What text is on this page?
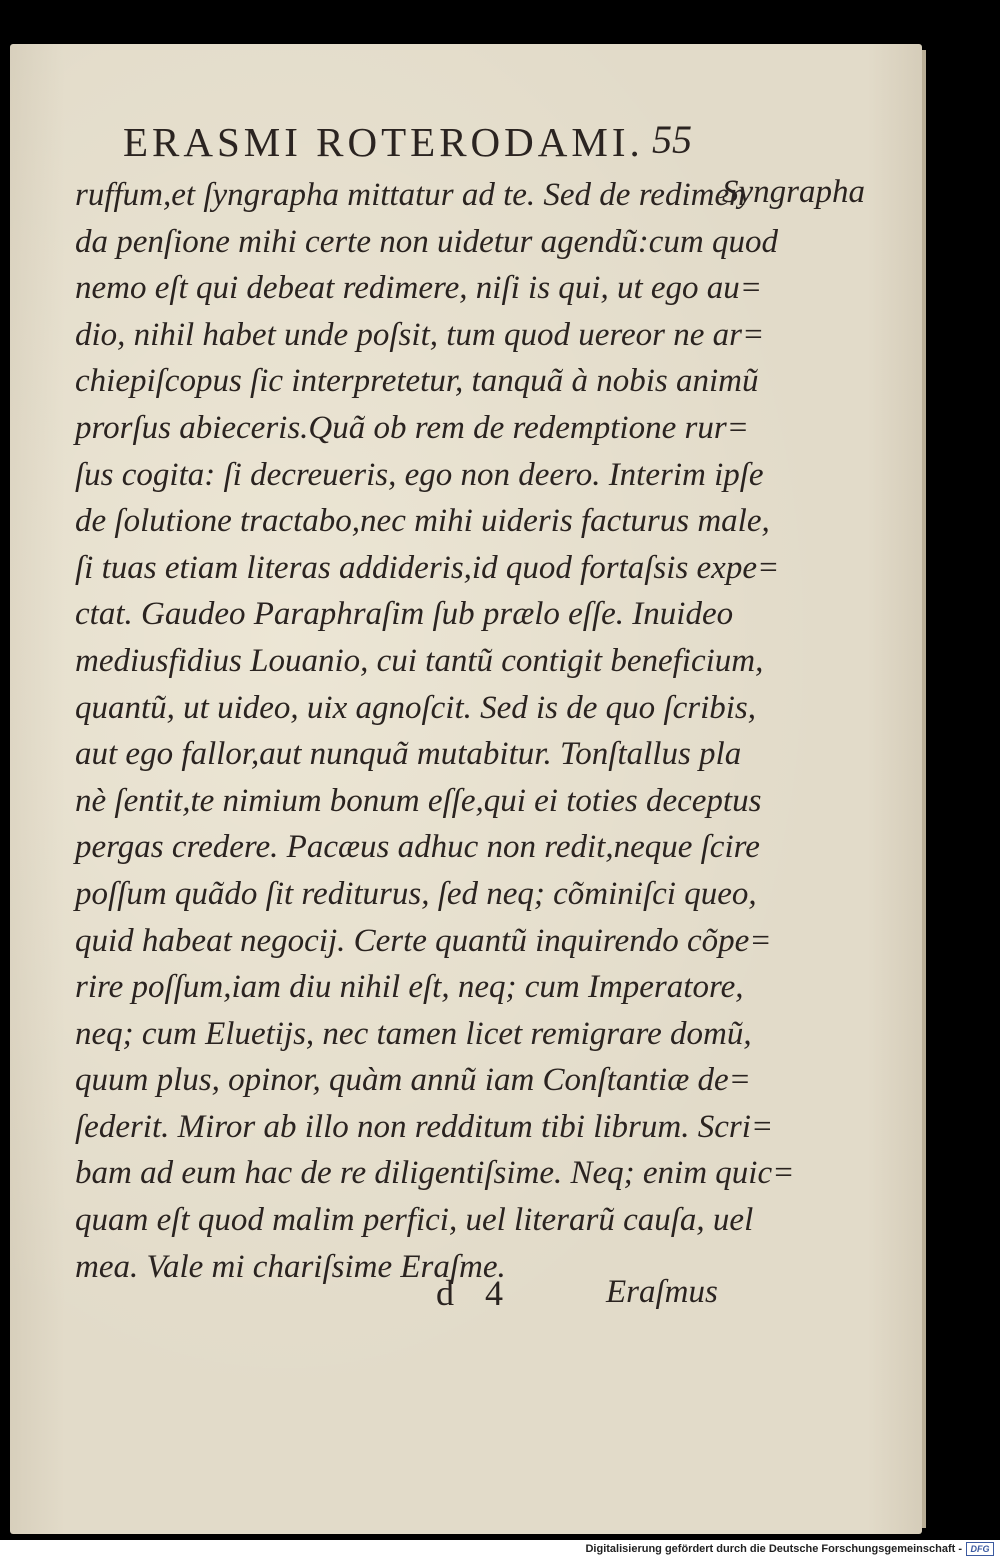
ERASMI ROTERODAMI. 55
ruffum,et ſyngrapha mittatur ad te. Sed de redimen
da penſione mihi certe non uidetur agendũ:cum quod
nemo eſt qui debeat redimere, niſi is qui, ut ego au=
dio, nihil habet unde poſsit, tum quod uereor ne ar=
chiepiſcopus ſic interpretetur, tanquã à nobis animũ
prorſus abieceris.Quã ob rem de redemptione rur=
ſus cogita: ſi decreueris, ego non deero. Interim ipſe
de ſolutione tractabo,nec mihi uideris facturus male,
ſi tuas etiam literas addideris,id quod fortaſsis expe=
ctat. Gaudeo Paraphraſim ſub prælo eſſe. Inuideo
mediusfidius Louanio, cui tantũ contigit beneficium,
quantũ, ut uideo, uix agnoſcit. Sed is de quo ſcribis,
aut ego fallor,aut nunquã mutabitur. Tonſtallus pla
nè ſentit,te nimium bonum eſſe,qui ei toties deceptus
pergas credere. Pacæus adhuc non redit,neque ſcire
poſſum quãdo ſit rediturus, ſed neq; cõminiſci queo,
quid habeat negocij. Certe quantũ inquirendo cõpe=
rire poſſum,iam diu nihil eſt, neq; cum Imperatore,
neq; cum Eluetijs, nec tamen licet remigrare domũ,
quum plus, opinor, quàm annũ iam Conſtantiæ de=
ſederit. Miror ab illo non redditum tibi librum. Scri=
bam ad eum hac de re diligentiſsime. Neq; enim quic=
quam eſt quod malim perfici, uel literarũ cauſa, uel
mea. Vale mi chariſsime Eraſme.
Syngrapha
d 4	Eraſmus
Digitalisierung gefördert durch die Deutsche Forschungsgemeinschaft - DFG
